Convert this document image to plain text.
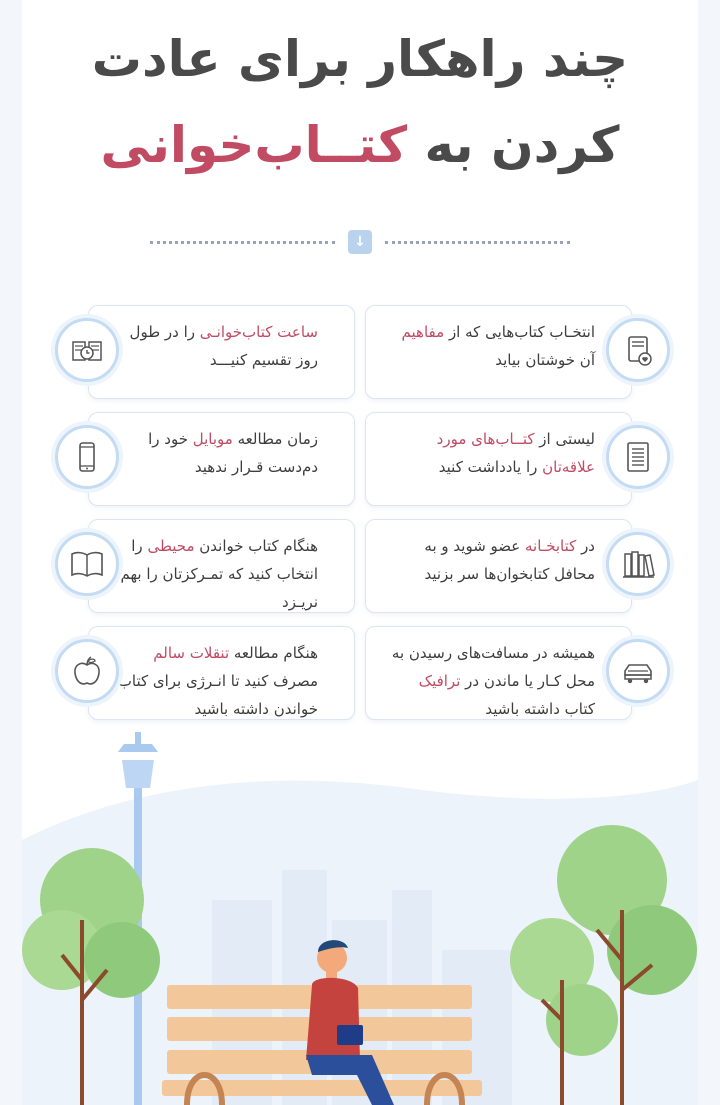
چند راهکار برای عادت
کردن به کتــاب‌خوانی
↓
انتخـاب کتاب‌هایی که از مفاهیم آن خوشتان بیاید
ساعت کتاب‌خوانـی را در طول روز تقسیم کنیـــد
لیستی از کتــاب‌های مورد علاقه‌تان را یادداشت کنید
زمان مطالعه موبایل خود را دم‌دست قـرار ندهید
در کتابخـانه عضو شوید و به محافل کتابخوان‌ها سر بزنید
هنگام کتاب خواندن محیطی را انتخاب کنید که تمـرکزتان را بهم نریـزد
همیشه در مسافت‌های رسیدن به محل کـار یا ماندن در ترافیک کتاب داشته باشید
هنگام مطالعه تنقلات سالم مصرف کنید تا انـرژی برای کتاب خواندن داشته باشید
